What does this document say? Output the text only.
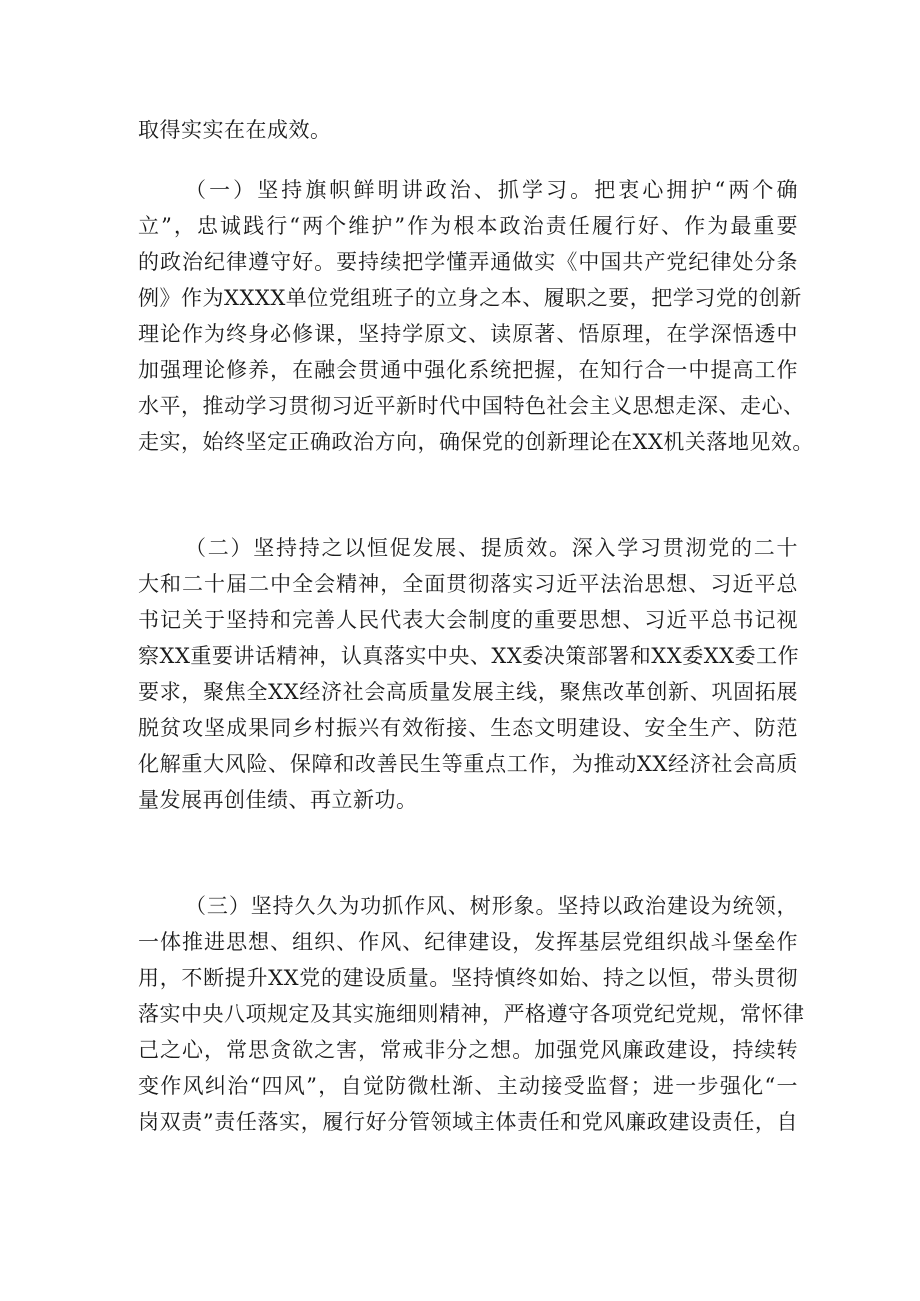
取得实实在在成效。
（一）坚持旗帜鲜明讲政治、抓学习。把衷心拥护“两个确
立”，忠诚践行“两个维护”作为根本政治责任履行好、作为最重要
的政治纪律遵守好。要持续把学懂弄通做实《中国共产党纪律处分条
例》作为XXXX单位党组班子的立身之本、履职之要，把学习党的创新
理论作为终身必修课，坚持学原文、读原著、悟原理，在学深悟透中
加强理论修养，在融会贯通中强化系统把握，在知行合一中提高工作
水平，推动学习贯彻习近平新时代中国特色社会主义思想走深、走心、
走实，始终坚定正确政治方向，确保党的创新理论在XX机关落地见效。
（二）坚持持之以恒促发展、提质效。深入学习贯沏党的二十
大和二十届二中全会精神，全面贯彻落实习近平法治思想、习近平总
书记关于坚持和完善人民代表大会制度的重要思想、习近平总书记视
察XX重要讲话精神，认真落实中央、XX委决策部署和XX委XX委工作
要求，聚焦全XX经济社会高质量发展主线，聚焦改革创新、巩固拓展
脱贫攻坚成果同乡村振兴有效衔接、生态文明建设、安全生产、防范
化解重大风险、保障和改善民生等重点工作，为推动XX经济社会高质
量发展再创佳绩、再立新功。
（三）坚持久久为功抓作风、树形象。坚持以政治建设为统领，
一体推进思想、组织、作风、纪律建设，发挥基层党组织战斗堡垒作
用，不断提升XX党的建设质量。坚持慎终如始、持之以恒，带头贯彻
落实中央八项规定及其实施细则精神，严格遵守各项党纪党规，常怀律
己之心，常思贪欲之害，常戒非分之想。加强党风廉政建设，持续转
变作风纠治“四风”，自觉防微杜渐、主动接受监督；进一步强化“一
岗双责”责任落实，履行好分管领域主体责任和党风廉政建设责任，自
